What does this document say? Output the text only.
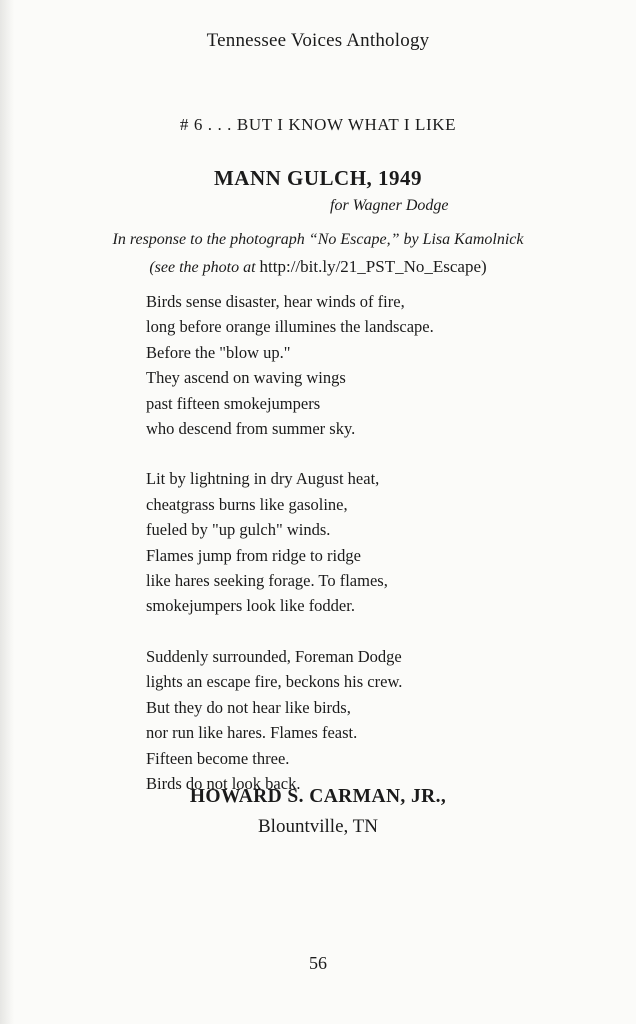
Tennessee Voices Anthology
# 6 . . . BUT I KNOW WHAT I LIKE
MANN GULCH, 1949
for Wagner Dodge
In response to the photograph “No Escape,” by Lisa Kamolnick
(see the photo at http://bit.ly/21_PST_No_Escape)
Birds sense disaster, hear winds of fire,
long before orange illumines the landscape.
Before the "blow up."
They ascend on waving wings
past fifteen smokejumpers
who descend from summer sky.
Lit by lightning in dry August heat,
cheatgrass burns like gasoline,
fueled by "up gulch" winds.
Flames jump from ridge to ridge
like hares seeking forage. To flames,
smokejumpers look like fodder.
Suddenly surrounded, Foreman Dodge
lights an escape fire, beckons his crew.
But they do not hear like birds,
nor run like hares. Flames feast.
Fifteen become three.
Birds do not look back.
HOWARD S. CARMAN, JR.,
Blountville, TN
56
